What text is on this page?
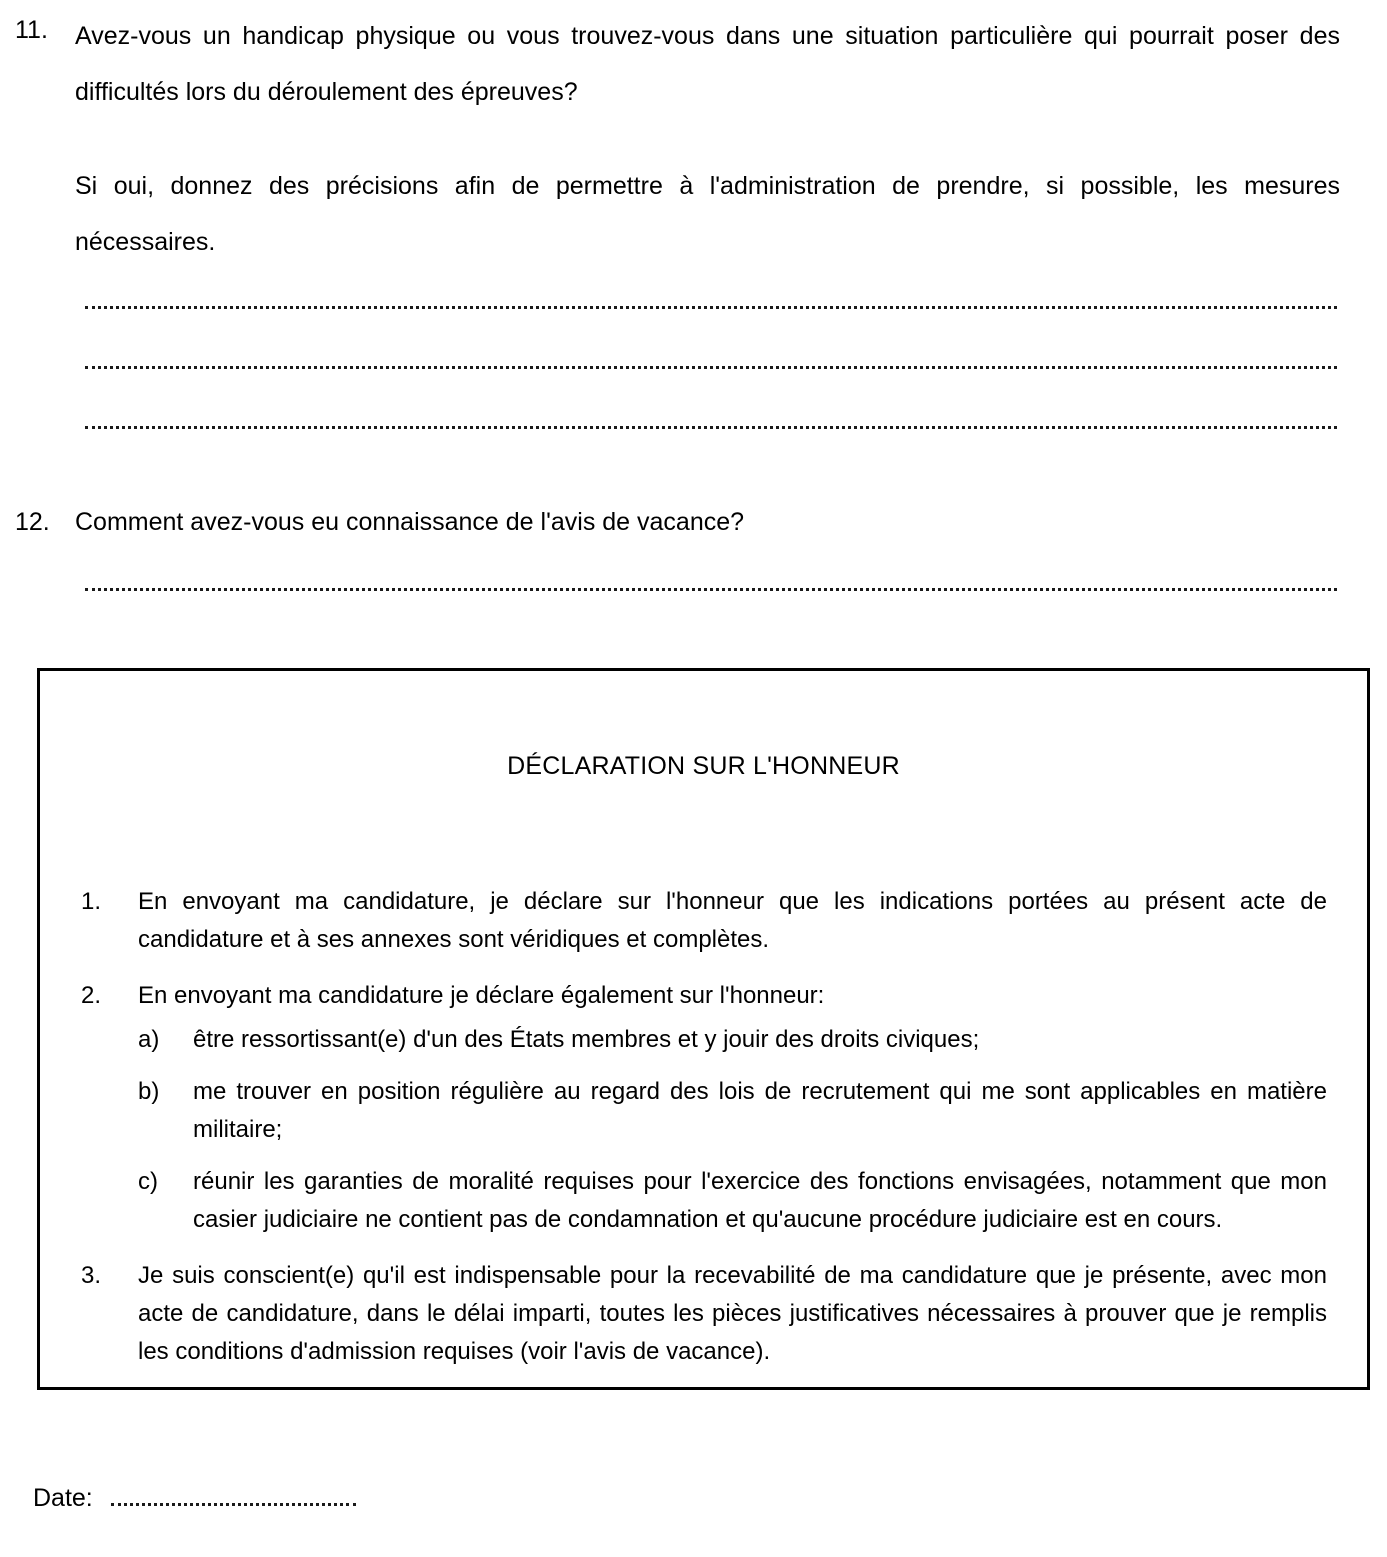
11.	Avez-vous un handicap physique ou vous trouvez-vous dans une situation particulière qui pourrait poser des difficultés lors du déroulement des épreuves?
Si oui, donnez des précisions afin de permettre à l'administration de prendre, si possible, les mesures nécessaires.
12.	Comment avez-vous eu connaissance de l'avis de vacance?
DÉCLARATION SUR L'HONNEUR
1.	En envoyant ma candidature, je déclare sur l'honneur que les indications portées au présent acte de candidature et à ses annexes sont véridiques et complètes.
2.	En envoyant ma candidature je déclare également sur l'honneur:
a)	être ressortissant(e) d'un des États membres et y jouir des droits civiques;
b)	me trouver en position régulière au regard des lois de recrutement qui me sont applicables en matière militaire;
c)	réunir les garanties de moralité requises pour l'exercice des fonctions envisagées, notamment que mon casier judiciaire ne contient pas de condamnation et qu'aucune procédure judiciaire est en cours.
3.	Je suis conscient(e) qu'il est indispensable pour la recevabilité de ma candidature que je présente, avec mon acte de candidature, dans le délai imparti, toutes les pièces justificatives nécessaires à prouver que je remplis les conditions d'admission requises (voir l'avis de vacance).
Date:
